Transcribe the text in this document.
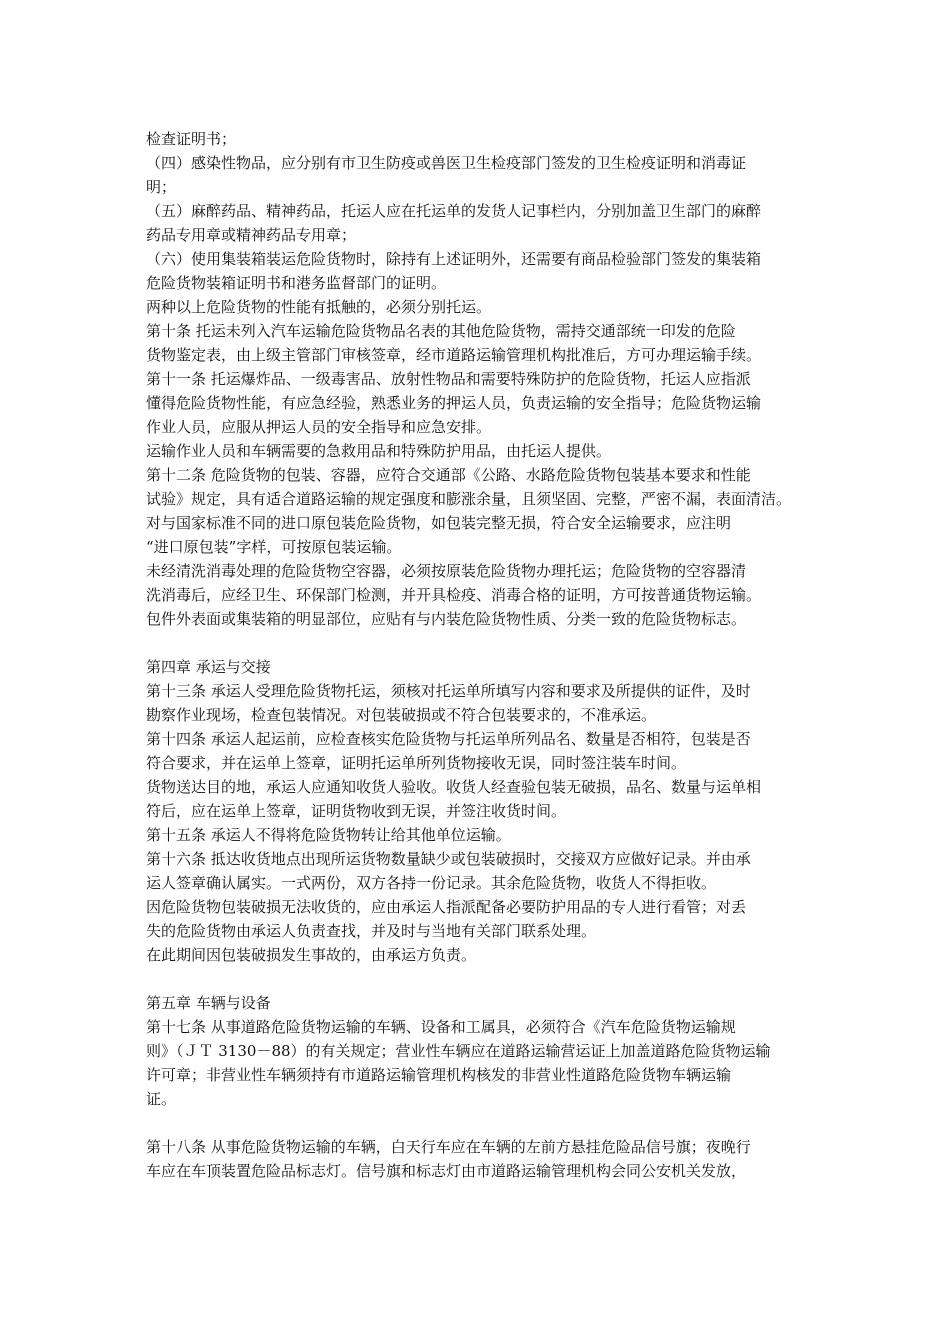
检查证明书；

（四）感染性物品，应分别有市卫生防疫或兽医卫生检疫部门签发的卫生检疫证明和消毒证
明；

（五）麻醉药品、精神药品，托运人应在托运单的发货人记事栏内，分别加盖卫生部门的麻醉
药品专用章或精神药品专用章；

（六）使用集装箱装运危险货物时，除持有上述证明外，还需要有商品检验部门签发的集装箱
危险货物装箱证明书和港务监督部门的证明。

两种以上危险货物的性能有抵触的，必须分别托运。

第十条 托运未列入汽车运输危险货物品名表的其他危险货物，需持交通部统一印发的危险
货物鉴定表，由上级主管部门审核签章，经市道路运输管理机构批准后，方可办理运输手续。

第十一条 托运爆炸品、一级毒害品、放射性物品和需要特殊防护的危险货物，托运人应指派
懂得危险货物性能，有应急经验，熟悉业务的押运人员，负责运输的安全指导；危险货物运输
作业人员，应服从押运人员的安全指导和应急安排。

运输作业人员和车辆需要的急救用品和特殊防护用品，由托运人提供。

第十二条 危险货物的包装、容器，应符合交通部《公路、水路危险货物包装基本要求和性能
试验》规定，具有适合道路运输的规定强度和膨涨余量，且须坚固、完整，严密不漏，表面清洁。

对与国家标准不同的进口原包装危险货物，如包装完整无损，符合安全运输要求，应注明
“进口原包装”字样，可按原包装运输。

未经清洗消毒处理的危险货物空容器，必须按原装危险货物办理托运；危险货物的空容器清
洗消毒后，应经卫生、环保部门检测，并开具检疫、消毒合格的证明，方可按普通货物运输。

包件外表面或集装箱的明显部位，应贴有与内装危险货物性质、分类一致的危险货物标志。

第四章 承运与交接

第十三条 承运人受理危险货物托运，须核对托运单所填写内容和要求及所提供的证件，及时
勘察作业现场，检查包装情况。对包装破损或不符合包装要求的，不准承运。

第十四条 承运人起运前，应检查核实危险货物与托运单所列品名、数量是否相符，包装是否
符合要求，并在运单上签章，证明托运单所列货物接收无误，同时签注装车时间。

货物送达目的地，承运人应通知收货人验收。收货人经查验包装无破损，品名、数量与运单相
符后，应在运单上签章，证明货物收到无误，并签注收货时间。

第十五条 承运人不得将危险货物转让给其他单位运输。

第十六条 抵达收货地点出现所运货物数量缺少或包装破损时，交接双方应做好记录。并由承
运人签章确认属实。一式两份，双方各持一份记录。其余危险货物，收货人不得拒收。

因危险货物包装破损无法收货的，应由承运人指派配备必要防护用品的专人进行看管；对丢
失的危险货物由承运人负责查找，并及时与当地有关部门联系处理。

在此期间因包装破损发生事故的，由承运方负责。

第五章 车辆与设备

第十七条 从事道路危险货物运输的车辆、设备和工属具，必须符合《汽车危险货物运输规
则》（ＪＴ 3130－88）的有关规定；营业性车辆应在道路运输营运证上加盖道路危险货物运输
许可章；非营业性车辆须持有市道路运输管理机构核发的非营业性道路危险货物车辆运输
证。

第十八条 从事危险货物运输的车辆，白天行车应在车辆的左前方悬挂危险品信号旗；夜晚行
车应在车顶装置危险品标志灯。信号旗和标志灯由市道路运输管理机构会同公安机关发放，
